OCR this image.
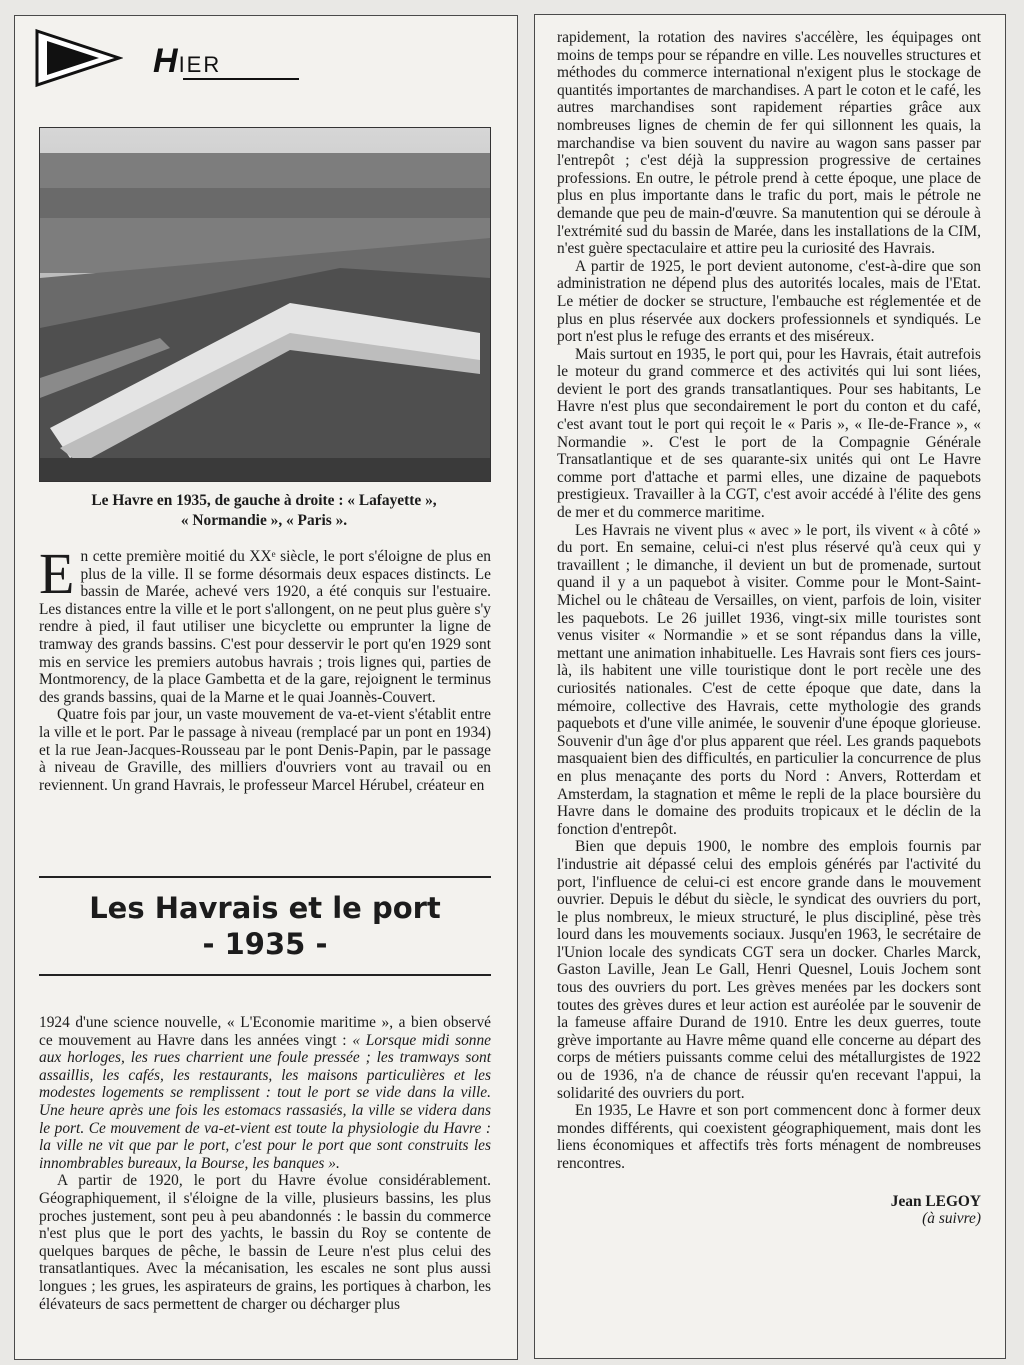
HIER
Le Havre en 1935, de gauche à droite : « Lafayette »,
« Normandie », « Paris ».

En cette première moitié du XXᵉ siècle, le port s'éloigne de plus en plus de la ville. Il se forme désormais deux espaces distincts. Le bassin de Marée, achevé vers 1920, a été conquis sur l'estuaire. Les distances entre la ville et le port s'allongent, on ne peut plus guère s'y rendre à pied, il faut utiliser une bicyclette ou emprunter la ligne de tramway des grands bassins. C'est pour desservir le port qu'en 1929 sont mis en service les premiers autobus havrais ; trois lignes qui, parties de Montmorency, de la place Gambetta et de la gare, rejoignent le terminus des grands bassins, quai de la Marne et le quai Joannès-Couvert.

Quatre fois par jour, un vaste mouvement de va-et-vient s'établit entre la ville et le port. Par le passage à niveau (remplacé par un pont en 1934) et la rue Jean-Jacques-Rousseau par le pont Denis-Papin, par le passage à niveau de Graville, des milliers d'ouvriers vont au travail ou en reviennent. Un grand Havrais, le professeur Marcel Hérubel, créateur en

Les Havrais et le port
- 1935 -

1924 d'une science nouvelle, « L'Economie maritime », a bien observé ce mouvement au Havre dans les années vingt : « Lorsque midi sonne aux horloges, les rues charrient une foule pressée ; les tramways sont assaillis, les cafés, les restaurants, les maisons particulières et les modestes logements se remplissent : tout le port se vide dans la ville. Une heure après une fois les estomacs rassasiés, la ville se videra dans le port. Ce mouvement de va-et-vient est toute la physiologie du Havre : la ville ne vit que par le port, c'est pour le port que sont construits les innombrables bureaux, la Bourse, les banques ».

A partir de 1920, le port du Havre évolue considérablement. Géographiquement, il s'éloigne de la ville, plusieurs bassins, les plus proches justement, sont peu à peu abandonnés : le bassin du commerce n'est plus que le port des yachts, le bassin du Roy se contente de quelques barques de pêche, le bassin de Leure n'est plus celui des transatlantiques. Avec la mécanisation, les escales ne sont plus aussi longues ; les grues, les aspirateurs de grains, les portiques à charbon, les élévateurs de sacs permettent de charger ou décharger plus

rapidement, la rotation des navires s'accélère, les équipages ont moins de temps pour se répandre en ville. Les nouvelles structures et méthodes du commerce international n'exigent plus le stockage de quantités importantes de marchandises. A part le coton et le café, les autres marchandises sont rapidement réparties grâce aux nombreuses lignes de chemin de fer qui sillonnent les quais, la marchandise va bien souvent du navire au wagon sans passer par l'entrepôt ; c'est déjà la suppression progressive de certaines professions. En outre, le pétrole prend à cette époque, une place de plus en plus importante dans le trafic du port, mais le pétrole ne demande que peu de main-d'œuvre. Sa manutention qui se déroule à l'extrémité sud du bassin de Marée, dans les installations de la CIM, n'est guère spectaculaire et attire peu la curiosité des Havrais.

A partir de 1925, le port devient autonome, c'est-à-dire que son administration ne dépend plus des autorités locales, mais de l'Etat. Le métier de docker se structure, l'embauche est réglementée et de plus en plus réservée aux dockers professionnels et syndiqués. Le port n'est plus le refuge des errants et des miséreux.

Mais surtout en 1935, le port qui, pour les Havrais, était autrefois le moteur du grand commerce et des activités qui lui sont liées, devient le port des grands transatlantiques. Pour ses habitants, Le Havre n'est plus que secondairement le port du conton et du café, c'est avant tout le port qui reçoit le « Paris », « Ile-de-France », « Normandie ». C'est le port de la Compagnie Générale Transatlantique et de ses quarante-six unités qui ont Le Havre comme port d'attache et parmi elles, une dizaine de paquebots prestigieux. Travailler à la CGT, c'est avoir accédé à l'élite des gens de mer et du commerce maritime.

Les Havrais ne vivent plus « avec » le port, ils vivent « à côté » du port. En semaine, celui-ci n'est plus réservé qu'à ceux qui y travaillent ; le dimanche, il devient un but de promenade, surtout quand il y a un paquebot à visiter. Comme pour le Mont-Saint-Michel ou le château de Versailles, on vient, parfois de loin, visiter les paquebots. Le 26 juillet 1936, vingt-six mille touristes sont venus visiter « Normandie » et se sont répandus dans la ville, mettant une animation inhabituelle. Les Havrais sont fiers ces jours-là, ils habitent une ville touristique dont le port recèle une des curiosités nationales. C'est de cette époque que date, dans la mémoire, collective des Havrais, cette mythologie des grands paquebots et d'une ville animée, le souvenir d'une époque glorieuse. Souvenir d'un âge d'or plus apparent que réel. Les grands paquebots masquaient bien des difficultés, en particulier la concurrence de plus en plus menaçante des ports du Nord : Anvers, Rotterdam et Amsterdam, la stagnation et même le repli de la place boursière du Havre dans le domaine des produits tropicaux et le déclin de la fonction d'entrepôt.

Bien que depuis 1900, le nombre des emplois fournis par l'industrie ait dépassé celui des emplois générés par l'activité du port, l'influence de celui-ci est encore grande dans le mouvement ouvrier. Depuis le début du siècle, le syndicat des ouvriers du port, le plus nombreux, le mieux structuré, le plus discipliné, pèse très lourd dans les mouvements sociaux. Jusqu'en 1963, le secrétaire de l'Union locale des syndicats CGT sera un docker. Charles Marck, Gaston Laville, Jean Le Gall, Henri Quesnel, Louis Jochem sont tous des ouvriers du port. Les grèves menées par les dockers sont toutes des grèves dures et leur action est auréolée par le souvenir de la fameuse affaire Durand de 1910. Entre les deux guerres, toute grève importante au Havre même quand elle concerne au départ des corps de métiers puissants comme celui des métallurgistes de 1922 ou de 1936, n'a de chance de réussir qu'en recevant l'appui, la solidarité des ouvriers du port.

En 1935, Le Havre et son port commencent donc à former deux mondes différents, qui coexistent géographiquement, mais dont les liens économiques et affectifs très forts ménagent de nombreuses rencontres.

Jean LEGOY
(à suivre)
